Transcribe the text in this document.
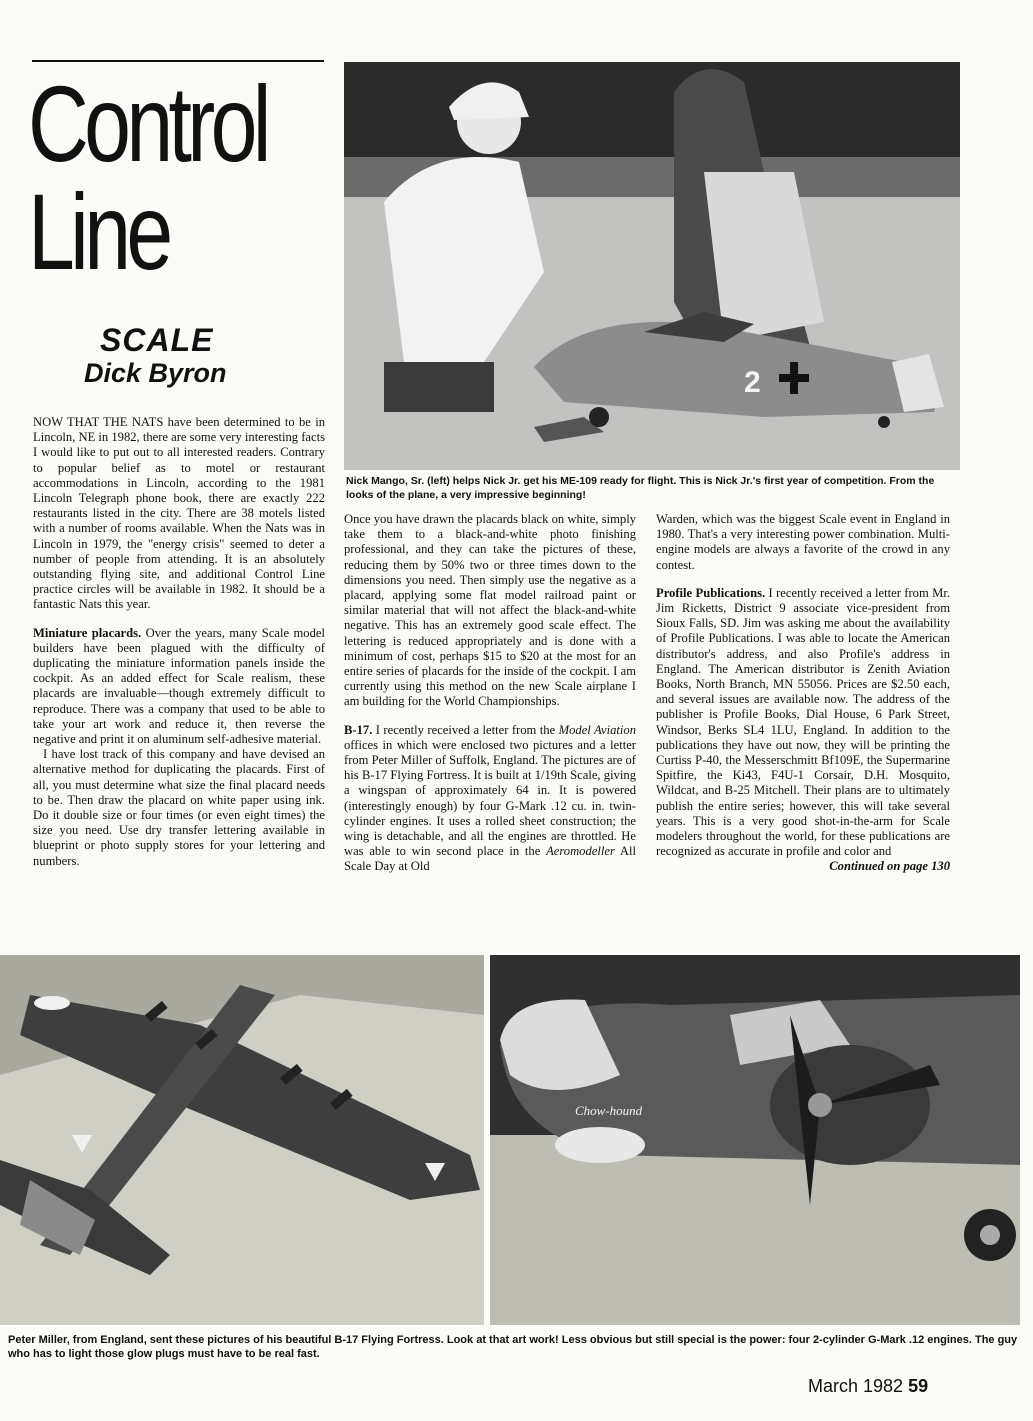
Control
Line
SCALE
Dick Byron	2
Nick Mango, Sr. (left) helps Nick Jr. get his ME-109 ready for flight. This is Nick Jr.'s first year of competition. From the looks of the plane, a very impressive beginning!

NOW THAT THE NATS have been determined to be in Lincoln, NE in 1982, there are some very interesting facts I would like to put out to all interested readers. Contrary to popular belief as to motel or restaurant accommodations in Lincoln, according to the 1981 Lincoln Telegraph phone book, there are exactly 222 restaurants listed in the city. There are 38 motels listed with a number of rooms available. When the Nats was in Lincoln in 1979, the "energy crisis" seemed to deter a number of people from attending. It is an absolutely outstanding flying site, and additional Control Line practice circles will be available in 1982. It should be a fantastic Nats this year.

Miniature placards. Over the years, many Scale model builders have been plagued with the difficulty of duplicating the miniature information panels inside the cockpit. As an added effect for Scale realism, these placards are invaluable—though extremely difficult to reproduce. There was a company that used to be able to take your art work and reduce it, then reverse the negative and print it on aluminum self-adhesive material.

I have lost track of this company and have devised an alternative method for duplicating the placards. First of all, you must determine what size the final placard needs to be. Then draw the placard on white paper using ink. Do it double size or four times (or even eight times) the size you need. Use dry transfer lettering available in blueprint or photo supply stores for your lettering and numbers.

Once you have drawn the placards black on white, simply take them to a black-and-white photo finishing professional, and they can take the pictures of these, reducing them by 50% two or three times down to the dimensions you need. Then simply use the negative as a placard, applying some flat model railroad paint or similar material that will not affect the black-and-white negative. This has an extremely good scale effect. The lettering is reduced appropriately and is done with a minimum of cost, perhaps $15 to $20 at the most for an entire series of placards for the inside of the cockpit. I am currently using this method on the new Scale airplane I am building for the World Championships.

B-17. I recently received a letter from the Model Aviation offices in which were enclosed two pictures and a letter from Peter Miller of Suffolk, England. The pictures are of his B-17 Flying Fortress. It is built at 1/19th Scale, giving a wingspan of approximately 64 in. It is powered (interestingly enough) by four G-Mark .12 cu. in. twin-cylinder engines. It uses a rolled sheet construction; the wing is detachable, and all the engines are throttled. He was able to win second place in the Aeromodeller All Scale Day at Old

Warden, which was the biggest Scale event in England in 1980. That's a very interesting power combination. Multi-engine models are always a favorite of the crowd in any contest.

Profile Publications. I recently received a letter from Mr. Jim Ricketts, District 9 associate vice-president from Sioux Falls, SD. Jim was asking me about the availability of Profile Publications. I was able to locate the American distributor's address, and also Profile's address in England. The American distributor is Zenith Aviation Books, North Branch, MN 55056. Prices are $2.50 each, and several issues are available now. The address of the publisher is Profile Books, Dial House, 6 Park Street, Windsor, Berks SL4 1LU, England. In addition to the publications they have out now, they will be printing the Curtiss P-40, the Messerschmitt Bf109E, the Supermarine Spitfire, the Ki43, F4U-1 Corsair, D.H. Mosquito, Wildcat, and B-25 Mitchell. Their plans are to ultimately publish the entire series; however, this will take several years. This is a very good shot-in-the-arm for Scale modelers throughout the world, for these publications are recognized as accurate in profile and color and

Continued on page 130

Chow-hound
Peter Miller, from England, sent these pictures of his beautiful B-17 Flying Fortress. Look at that art work! Less obvious but still special is the power: four 2-cylinder G-Mark .12 engines. The guy who has to light those glow plugs must have to be real fast.
March 1982 59
